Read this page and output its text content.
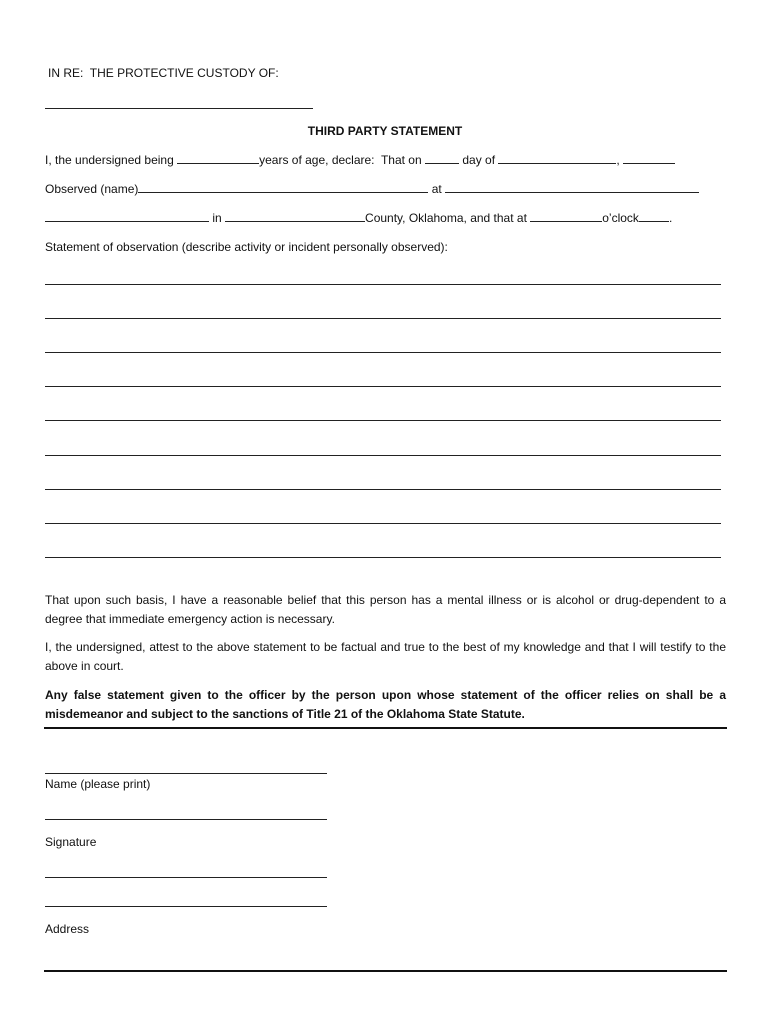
IN RE:  THE PROTECTIVE CUSTODY OF:
THIRD PARTY STATEMENT
I, the undersigned being	years of age, declare:  That on	day of	,
Observed (name)	at
in	County, Oklahoma, and that at	o’clock	.
Statement of observation (describe activity or incident personally observed):
That upon such basis, I have a reasonable belief that this person has a mental illness or is alcohol or drug-dependent to a degree that immediate emergency action is necessary.
I, the undersigned, attest to the above statement to be factual and true to the best of my knowledge and that I will testify to the above in court.
Any false statement given to the officer by the person upon whose statement of the officer relies on shall be a misdemeanor and subject to the sanctions of Title 21 of the Oklahoma State Statute.
Name (please print)
Signature
Address
